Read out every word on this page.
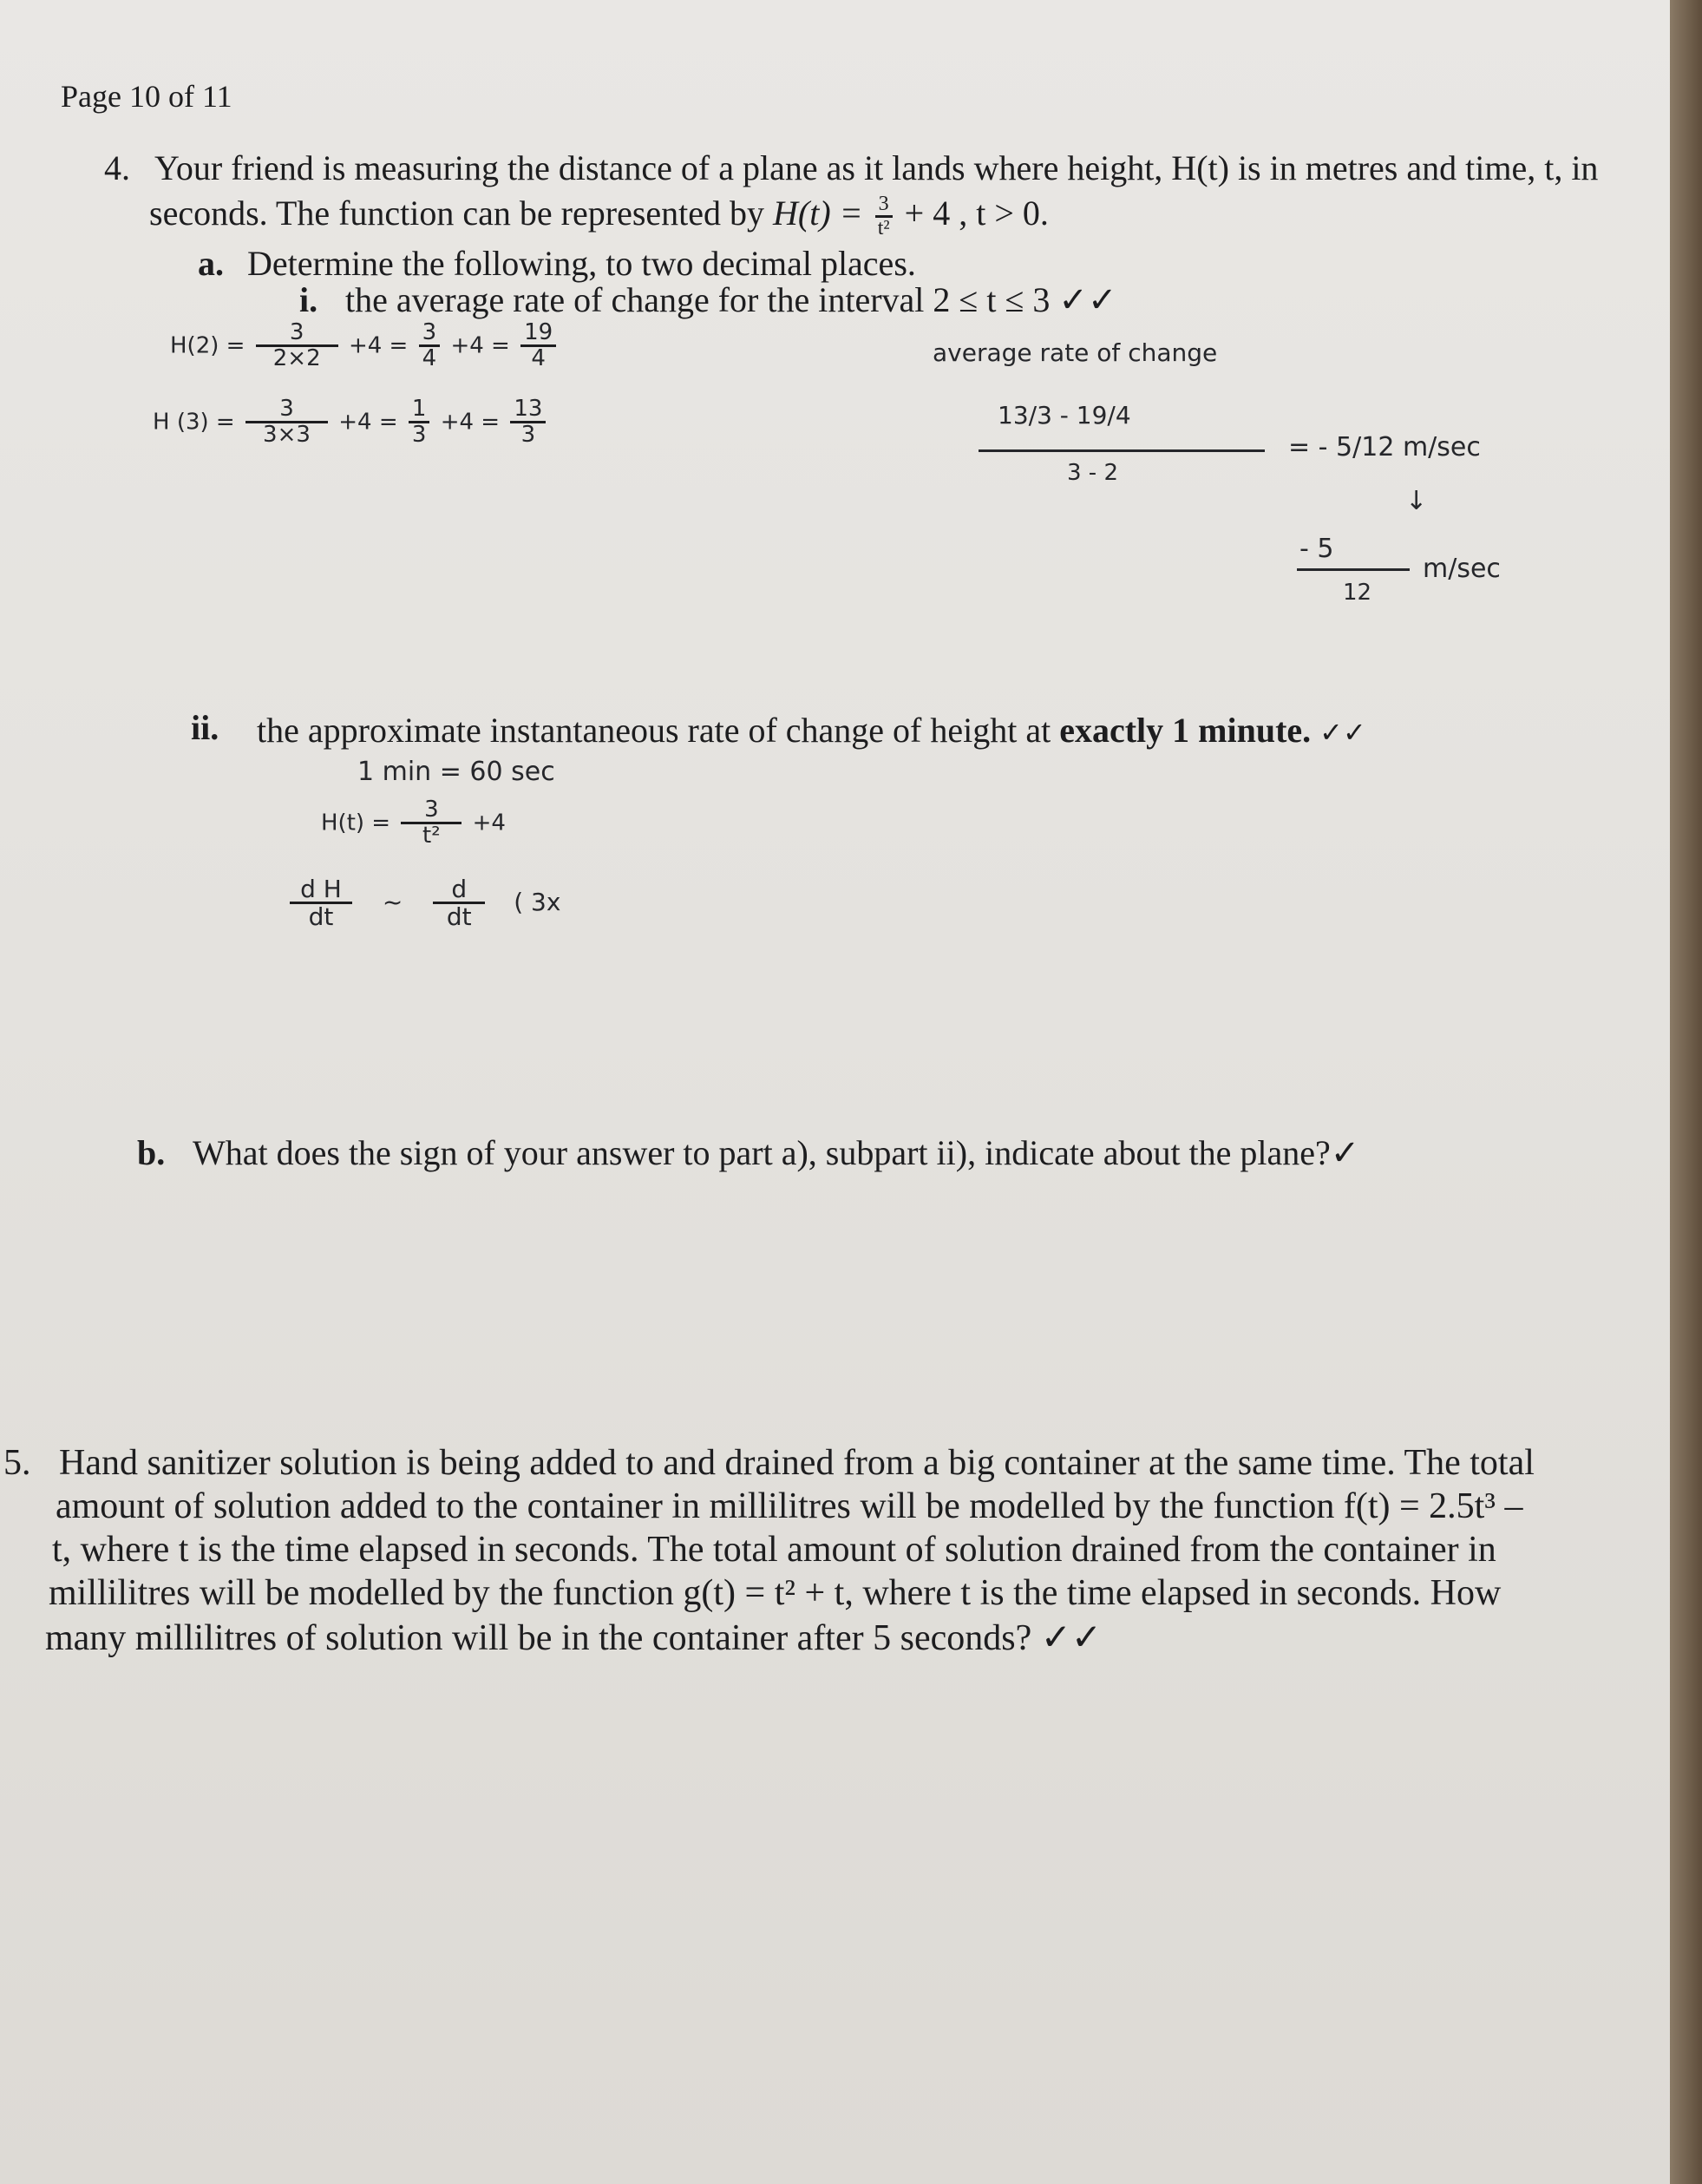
Page 10 of 11
4. Your friend is measuring the distance of a plane as it lands where height, H(t) is in metres and time, t, in
seconds. The function can be represented by $H(t) = \frac{3}{\text{t²}} + 4$ , t > 0.
a. Determine the following, to two decimal places.
i. the average rate of change for the interval 2 ≤ t ≤ 3 ✓✓
$H(2) = \frac{3}{2\times 2} +4 = \frac{3}{4} +4 = \frac{19}{4}$
H $(3) = \frac{3}{3\times 3} +4 = \frac{1}{3} +4 = \frac{13}{3}$
average rate of change
13/3 - 19/4
3 - 2
= - 5/12 m/sec
↓
- 5
12
m/sec
ii. the approximate instantaneous rate of change of height at exactly 1 minute. ✓✓
1 min = 60 sec
$H(t) = \frac{3}{\text{t²}} +4$
$\frac{\text{d H}}{dt}$ ~ $\frac{d}{dt}$ ( 3x
b. What does the sign of your answer to part a), subpart ii), indicate about the plane?✓
5. Hand sanitizer solution is being added to and drained from a big container at the same time. The total
amount of solution added to the container in millilitres will be modelled by the function f(t) = 2.5t³ –
t, where t is the time elapsed in seconds. The total amount of solution drained from the container in
millilitres will be modelled by the function g(t) = t² + t, where t is the time elapsed in seconds. How
many millilitres of solution will be in the container after 5 seconds? ✓✓
